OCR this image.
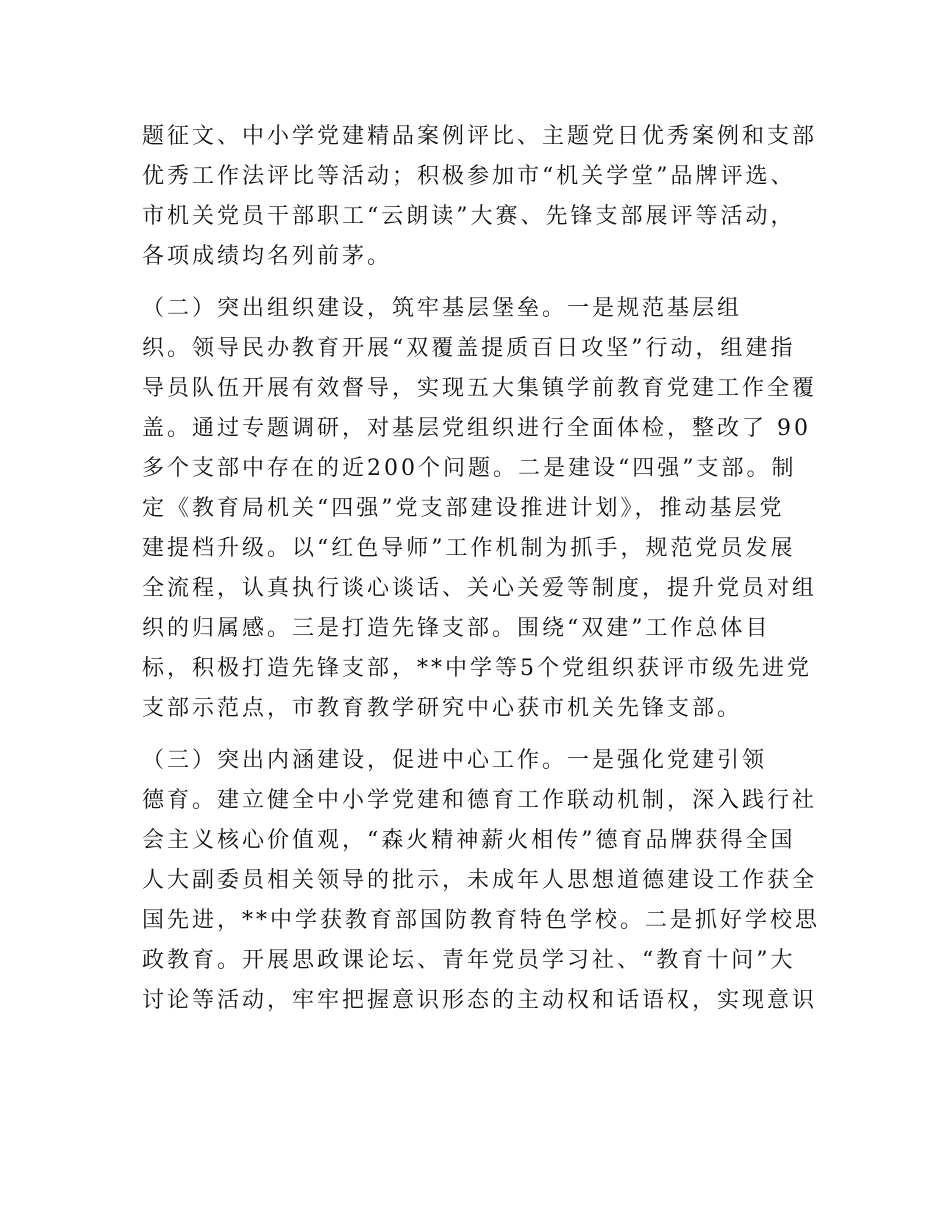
题征文、中小学党建精品案例评比、主题党日优秀案例和支部
优秀工作法评比等活动；积极参加市“机关学堂”品牌评选、
市机关党员干部职工“云朗读”大赛、先锋支部展评等活动，
各项成绩均名列前茅。
（二）突出组织建设，筑牢基层堡垒。一是规范基层组
织。领导民办教育开展“双覆盖提质百日攻坚”行动，组建指
导员队伍开展有效督导，实现五大集镇学前教育党建工作全覆
盖。通过专题调研，对基层党组织进行全面体检，整改了 90
多个支部中存在的近200个问题。二是建设“四强”支部。制
定《教育局机关“四强”党支部建设推进计划》，推动基层党
建提档升级。以“红色导师”工作机制为抓手，规范党员发展
全流程，认真执行谈心谈话、关心关爱等制度，提升党员对组
织的归属感。三是打造先锋支部。围绕“双建”工作总体目
标，积极打造先锋支部，**中学等5个党组织获评市级先进党
支部示范点，市教育教学研究中心获市机关先锋支部。
（三）突出内涵建设，促进中心工作。一是强化党建引领
德育。建立健全中小学党建和德育工作联动机制，深入践行社
会主义核心价值观，“森火精神薪火相传”德育品牌获得全国
人大副委员相关领导的批示，未成年人思想道德建设工作获全
国先进，**中学获教育部国防教育特色学校。二是抓好学校思
政教育。开展思政课论坛、青年党员学习社、“教育十问”大
讨论等活动，牢牢把握意识形态的主动权和话语权，实现意识
